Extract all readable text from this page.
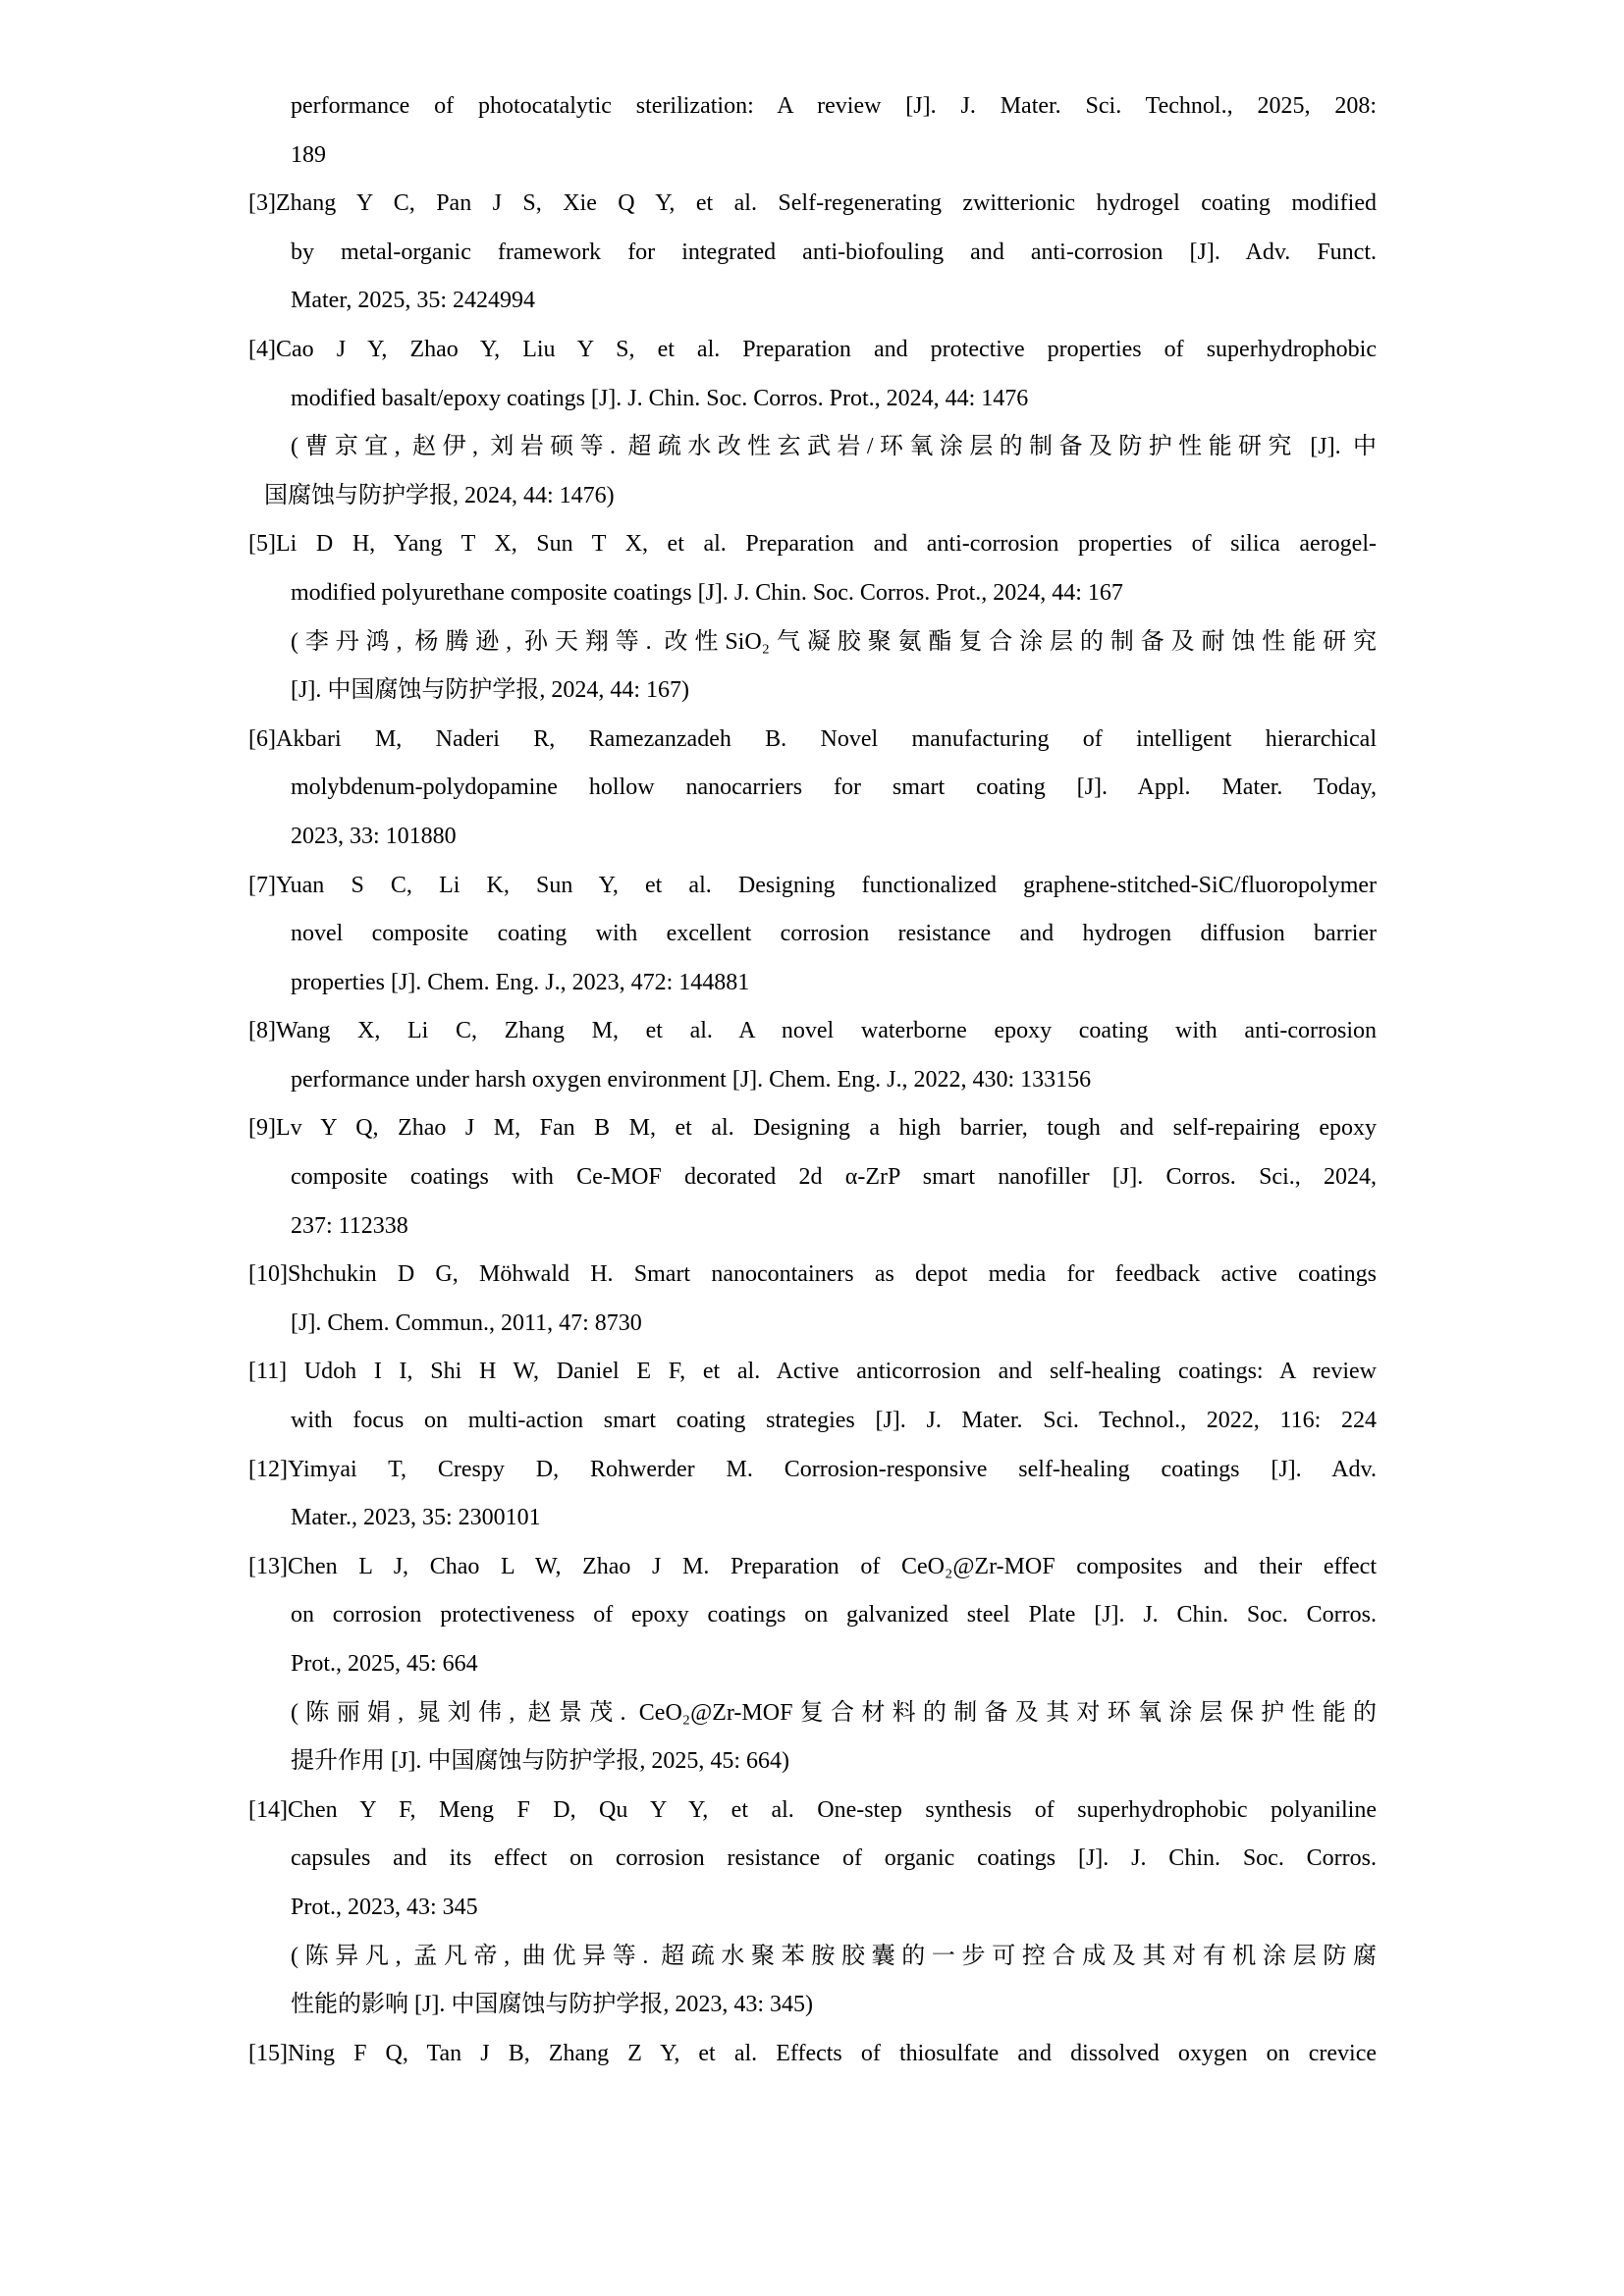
performance of photocatalytic sterilization: A review [J]. J. Mater. Sci. Technol., 2025, 208:
189
[3]Zhang Y C, Pan J S, Xie Q Y, et al. Self-regenerating zwitterionic hydrogel coating modified
by metal-organic framework for integrated anti-biofouling and anti-corrosion [J]. Adv. Funct.
Mater, 2025, 35: 2424994
[4]Cao J Y, Zhao Y, Liu Y S, et al. Preparation and protective properties of superhydrophobic
modified basalt/epoxy coatings [J]. J. Chin. Soc. Corros. Prot., 2024, 44: 1476
(曹京宜, 赵伊, 刘岩硕等. 超疏水改性玄武岩/环氧涂层的制备及防护性能研究 [J]. 中
国腐蚀与防护学报, 2024, 44: 1476)
[5]Li D H, Yang T X, Sun T X, et al. Preparation and anti-corrosion properties of silica aerogel-
modified polyurethane composite coatings [J]. J. Chin. Soc. Corros. Prot., 2024, 44: 167
(李丹鸿, 杨腾逊, 孙天翔等. 改性SiO₂气凝胶聚氨酯复合涂层的制备及耐蚀性能研究
[J]. 中国腐蚀与防护学报, 2024, 44: 167)
[6]Akbari M, Naderi R, Ramezanzadeh B. Novel manufacturing of intelligent hierarchical
molybdenum-polydopamine hollow nanocarriers for smart coating [J]. Appl. Mater. Today,
2023, 33: 101880
[7]Yuan S C, Li K, Sun Y, et al. Designing functionalized graphene-stitched-SiC/fluoropolymer
novel composite coating with excellent corrosion resistance and hydrogen diffusion barrier
properties [J]. Chem. Eng. J., 2023, 472: 144881
[8]Wang X, Li C, Zhang M, et al. A novel waterborne epoxy coating with anti-corrosion
performance under harsh oxygen environment [J]. Chem. Eng. J., 2022, 430: 133156
[9]Lv Y Q, Zhao J M, Fan B M, et al. Designing a high barrier, tough and self-repairing epoxy
composite coatings with Ce-MOF decorated 2d α-ZrP smart nanofiller [J]. Corros. Sci., 2024,
237: 112338
[10]Shchukin D G, Möhwald H. Smart nanocontainers as depot media for feedback active coatings
[J]. Chem. Commun., 2011, 47: 8730
[11] Udoh I I, Shi H W, Daniel E F, et al. Active anticorrosion and self-healing coatings: A review
with focus on multi-action smart coating strategies [J]. J. Mater. Sci. Technol., 2022, 116: 224
[12]Yimyai T, Crespy D, Rohwerder M. Corrosion-responsive self-healing coatings [J]. Adv.
Mater., 2023, 35: 2300101
[13]Chen L J, Chao L W, Zhao J M. Preparation of CeO₂@Zr-MOF composites and their effect
on corrosion protectiveness of epoxy coatings on galvanized steel Plate [J]. J. Chin. Soc. Corros.
Prot., 2025, 45: 664
(陈丽娟, 晁刘伟, 赵景茂. CeO₂@Zr-MOF复合材料的制备及其对环氧涂层保护性能的
提升作用 [J]. 中国腐蚀与防护学报, 2025, 45: 664)
[14]Chen Y F, Meng F D, Qu Y Y, et al. One-step synthesis of superhydrophobic polyaniline
capsules and its effect on corrosion resistance of organic coatings [J]. J. Chin. Soc. Corros.
Prot., 2023, 43: 345
(陈异凡, 孟凡帝, 曲优异等. 超疏水聚苯胺胶囊的一步可控合成及其对有机涂层防腐
性能的影响 [J]. 中国腐蚀与防护学报, 2023, 43: 345)
[15]Ning F Q, Tan J B, Zhang Z Y, et al. Effects of thiosulfate and dissolved oxygen on crevice
